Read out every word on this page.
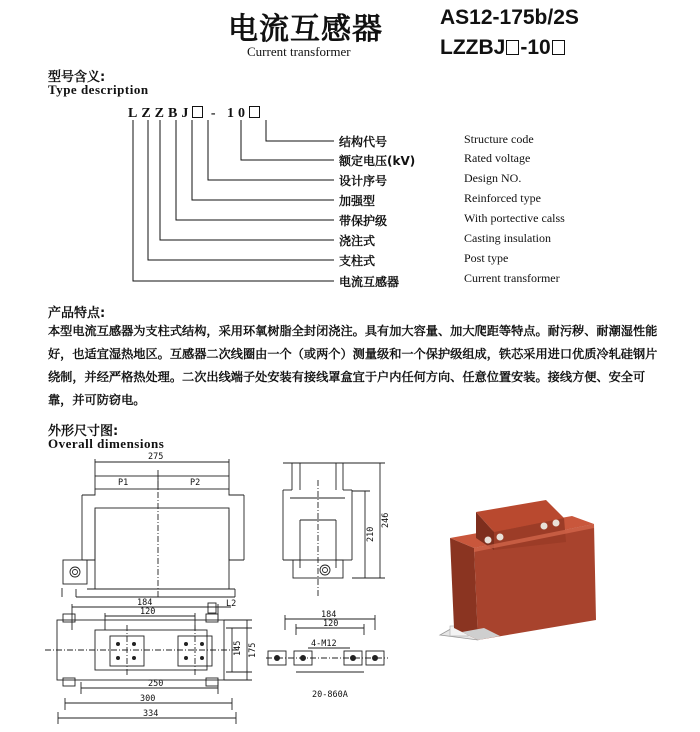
电流互感器
Current transformer
AS12-175b/2S
LZZBJ -10
型号含义:
Type description
LZZBJ - 10
结构代号	Structure code
额定电压(kV)	Rated voltage
设计序号	Design NO.
加强型	Reinforced type
带保护级	With portective calss
浇注式	Casting insulation
支柱式	Post type
电流互感器	Current transformer
产品特点:
本型电流互感器为支柱式结构，采用环氧树脂全封闭浇注。具有加大容量、加大爬距等特点。耐污秽、耐潮湿性能好，也适宜湿热地区。互感器二次线圈由一个（或两个）测量级和一个保护级组成，铁芯采用进口优质冷轧硅钢片绕制，并经严格热处理。二次出线端子处安装有接线罩盒宜于户内任何方向、任意位置安装。接线方便、安全可靠，并可防窃电。
外形尺寸图:
Overall dimensions
275
P1	P2
210
246
184
120
L2
145 175
250
300
334
184
120
4-M12
20-860A
